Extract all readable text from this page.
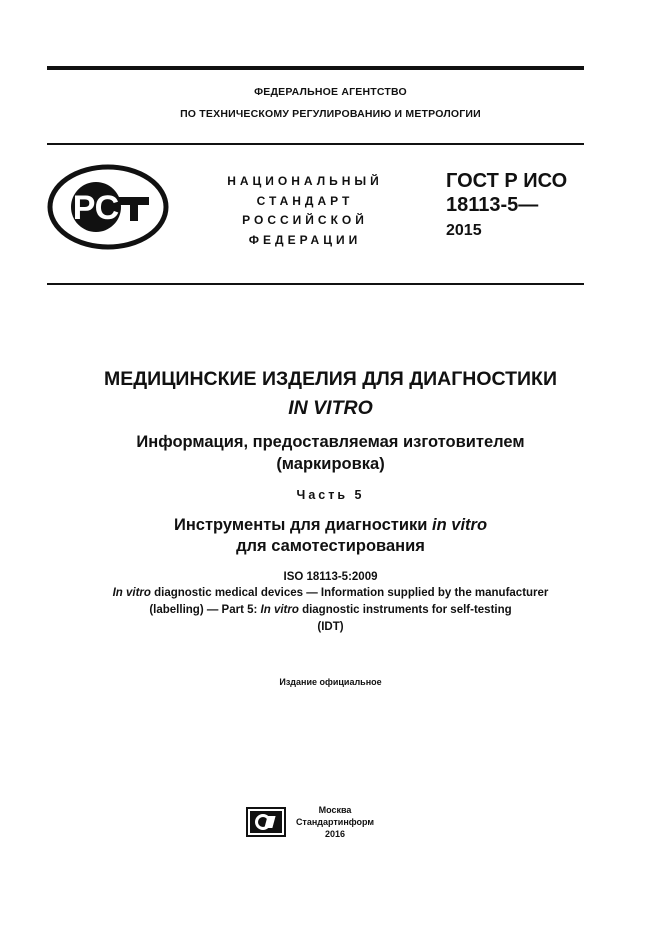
ФЕДЕРАЛЬНОЕ АГЕНТСТВО
ПО ТЕХНИЧЕСКОМУ РЕГУЛИРОВАНИЮ И МЕТРОЛОГИИ
РС
НАЦИОНАЛЬНЫЙ
СТАНДАРТ
РОССИЙСКОЙ
ФЕДЕРАЦИИ
ГОСТ Р ИСО
18113-5—
2015
МЕДИЦИНСКИЕ ИЗДЕЛИЯ ДЛЯ ДИАГНОСТИКИ
IN VITRO
Информация, предоставляемая изготовителем
(маркировка)
Часть 5
Инструменты для диагностики in vitro
для самотестирования
ISO 18113-5:2009
In vitro diagnostic medical devices — Information supplied by the manufacturer
(labelling) — Part 5: In vitro diagnostic instruments for self-testing
(IDT)
Издание официальное
Москва
Стандартинформ
2016
